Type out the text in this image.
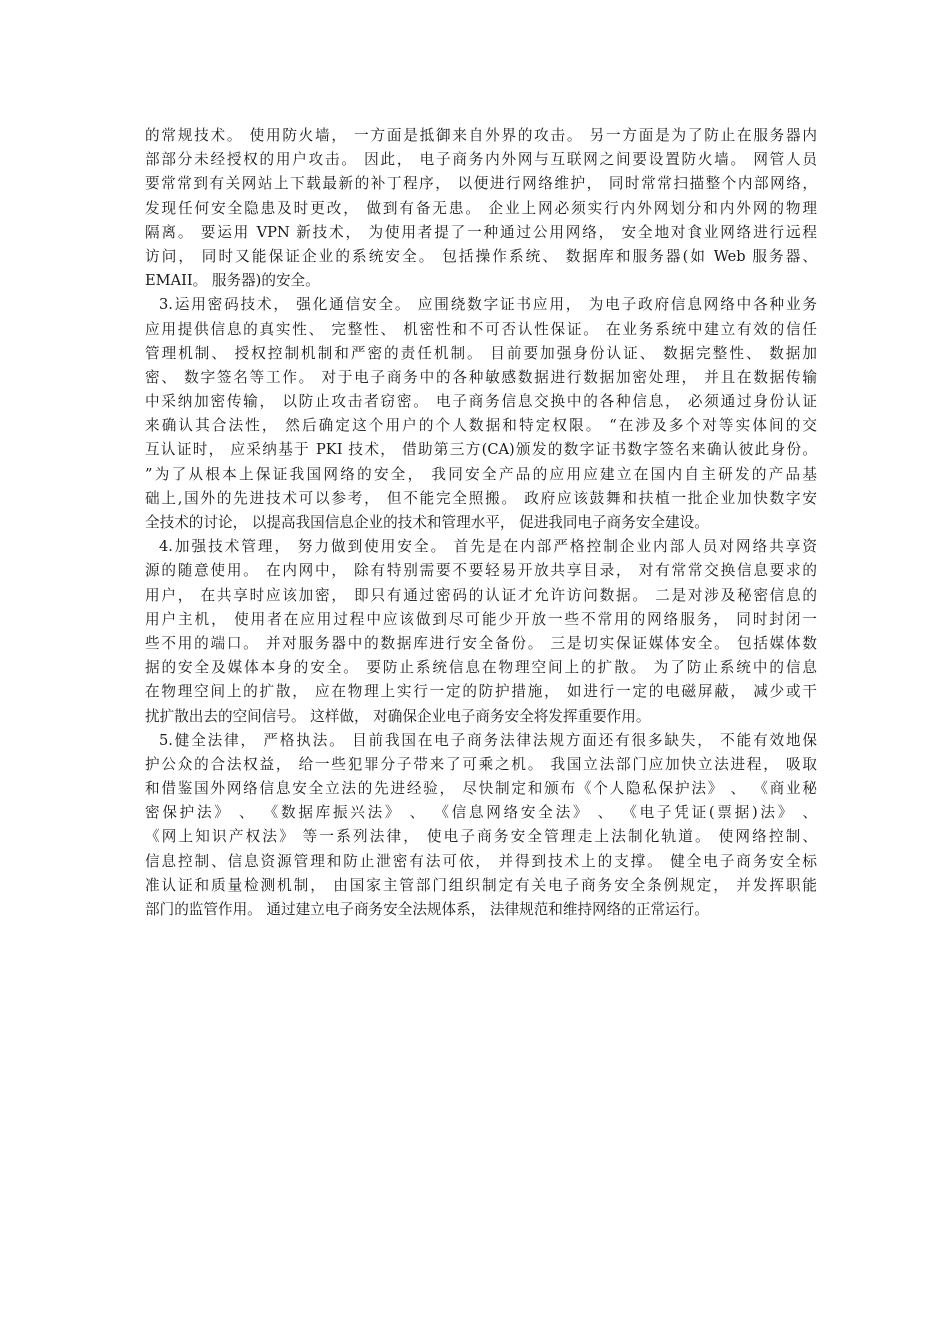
的常规技术。 使用防火墙， 一方面是抵御来自外界的攻击。 另一方面是为了防止在服务器内
部部分未经授权的用户攻击。 因此， 电子商务内外网与互联网之间要设置防火墙。 网管人员
要常常到有关网站上下载最新的补丁程序， 以便进行网络维护， 同时常常扫描整个内部网络，
发现任何安全隐患及时更改， 做到有备无患。 企业上网必须实行内外网划分和内外网的物理
隔离。 要运用 VPN 新技术， 为使用者提了一种通过公用网络， 安全地对食业网络进行远程
访问， 同时又能保证企业的系统安全。 包括操作系统、 数据库和服务器(如 Web 服务器、
EMAII。 服务器)的安全。
3.运用密码技术， 强化通信安全。 应围绕数字证书应用， 为电子政府信息网络中各种业务
应用提供信息的真实性、 完整性、 机密性和不可否认性保证。 在业务系统中建立有效的信任
管理机制、 授权控制机制和严密的责任机制。 目前要加强身份认证、 数据完整性、 数据加
密、 数字签名等工作。 对于电子商务中的各种敏感数据进行数据加密处理， 并且在数据传输
中采纳加密传输， 以防止攻击者窃密。 电子商务信息交换中的各种信息， 必须通过身份认证
来确认其合法性， 然后确定这个用户的个人数据和特定权限。 “在涉及多个对等实体间的交
互认证时， 应采纳基于 PKI 技术， 借助第三方(CA)颁发的数字证书数字签名来确认彼此身份。
”为了从根本上保证我国网络的安全， 我同安全产品的应用应建立在国内自主研发的产品基
础上,国外的先进技术可以参考， 但不能完全照搬。 政府应该鼓舞和扶植一批企业加快数字安
全技术的讨论， 以提高我国信息企业的技术和管理水平， 促进我同电子商务安全建设。
4.加强技术管理， 努力做到使用安全。 首先是在内部严格控制企业内部人员对网络共享资
源的随意使用。 在内网中， 除有特别需要不要轻易开放共享目录， 对有常常交换信息要求的
用户， 在共享时应该加密， 即只有通过密码的认证才允许访问数据。 二是对涉及秘密信息的
用户主机， 使用者在应用过程中应该做到尽可能少开放一些不常用的网络服务， 同时封闭一
些不用的端口。 并对服务器中的数据库进行安全备份。 三是切实保证媒体安全。 包括媒体数
据的安全及媒体本身的安全。 要防止系统信息在物理空间上的扩散。 为了防止系统中的信息
在物理空间上的扩散， 应在物理上实行一定的防护措施， 如进行一定的电磁屏蔽， 减少或干
扰扩散出去的空间信号。 这样做， 对确保企业电子商务安全将发挥重要作用。
5.健全法律， 严格执法。 目前我国在电子商务法律法规方面还有很多缺失， 不能有效地保
护公众的合法权益， 给一些犯罪分子带来了可乘之机。 我国立法部门应加快立法进程， 吸取
和借鉴国外网络信息安全立法的先进经验， 尽快制定和颁布《个人隐私保护法》 、 《商业秘
密保护法》 、 《数据库振兴法》 、 《信息网络安全法》 、 《电子凭证(票据)法》 、
《网上知识产权法》 等一系列法律， 使电子商务安全管理走上法制化轨道。 使网络控制、
信息控制、信息资源管理和防止泄密有法可依， 并得到技术上的支撑。 健全电子商务安全标
准认证和质量检测机制， 由国家主管部门组织制定有关电子商务安全条例规定， 并发挥职能
部门的监管作用。 通过建立电子商务安全法规体系， 法律规范和维持网络的正常运行。
